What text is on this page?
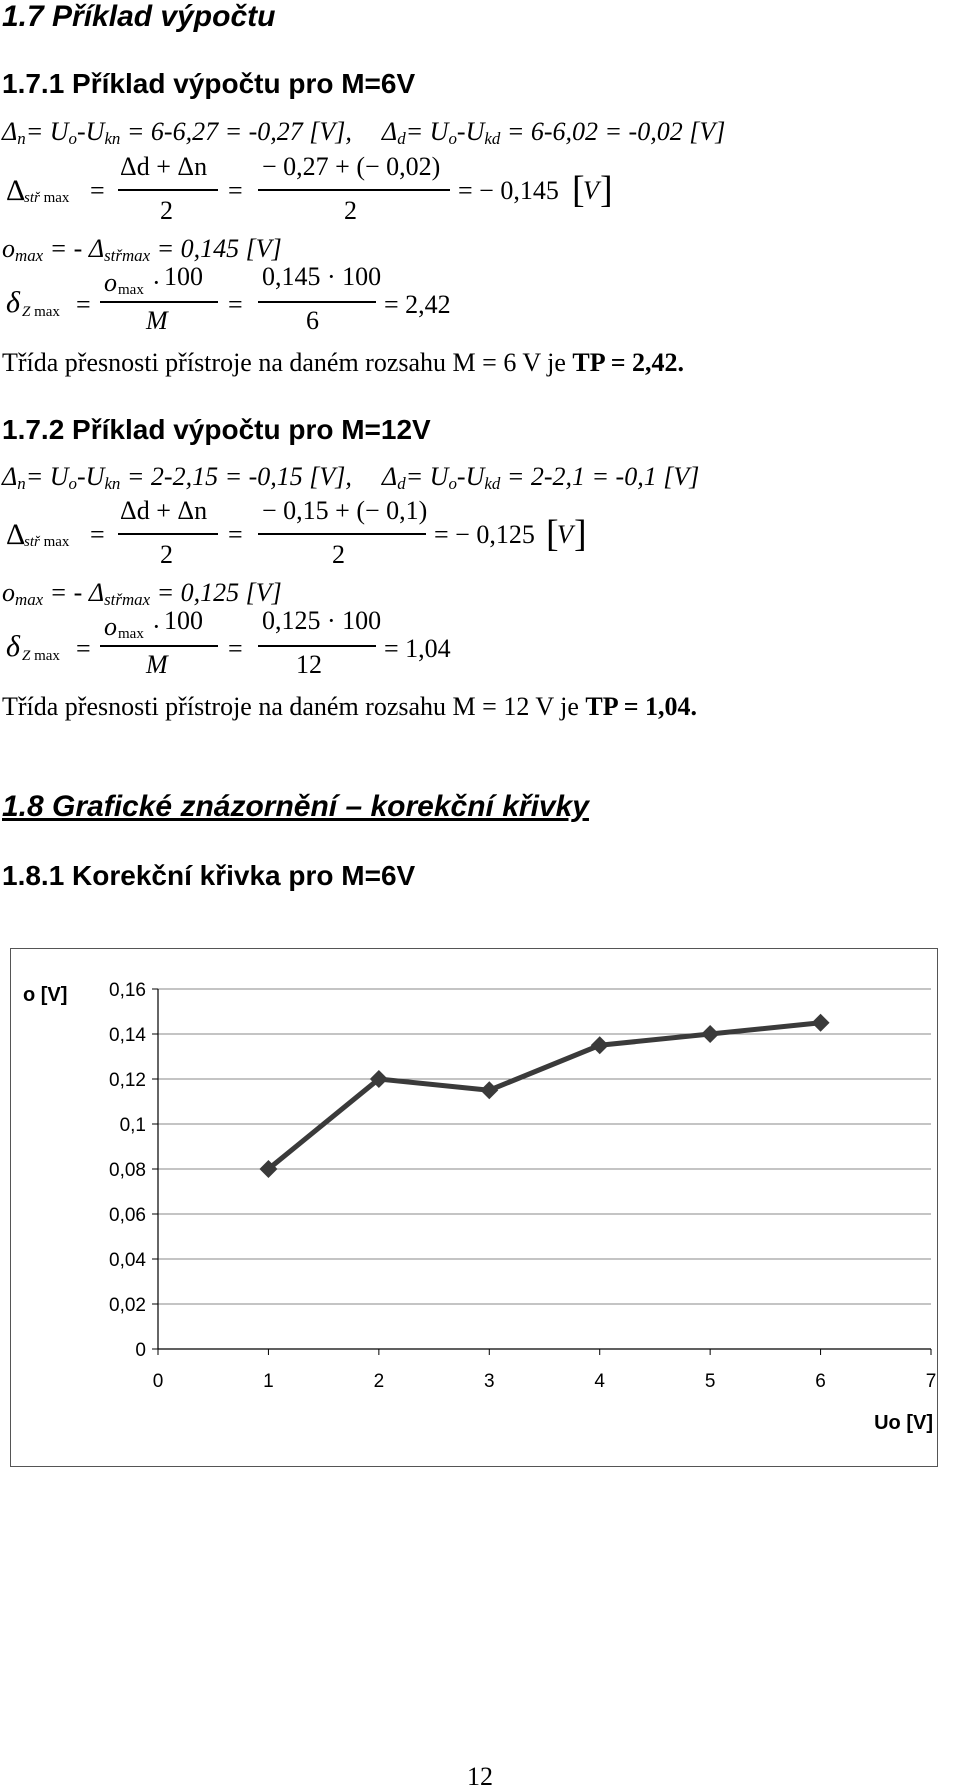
1.7 Příklad výpočtu
1.7.1 Příklad výpočtu pro M=6V
$\Delta_n= U_o-U_{kn} = 6-6,27 = -0,27$ [V], $\Delta_d= U_o-U_{kd} = 6-6,02 = -0,02$ [V]
Δ
stř max =
Δd + Δn
2
=
− 0,27 + (− 0,02)
2
= − 0,145 [
V ]
$o_{max}$ = - $\Delta_{střmax} = 0,145$ [V]
δ Z max =
o max · 100
M
=
0,145 · 100
6
= 2,42
Třída přesnosti přístroje na daném rozsahu M = 6 V je TP = 2,42.
1.7.2 Příklad výpočtu pro M=12V
$\Delta_n= U_o-U_{kn} = 2-2,15 = -0,15$ [V], $\Delta_d= U_o-U_{kd} = 2-2,1 = -0,1$ [V]
Δ
stř max =
Δd + Δn
2
=
− 0,15 + (− 0,1)
2
= − 0,125 [
V ]
$o_{max}$ = - $\Delta_{střmax} = 0,125$ [V]
δ Z max =
o max · 100
M
=
0,125 · 100
12
= 1,04
Třída přesnosti přístroje na daném rozsahu M = 12 V je TP = 1,04.
1.8 Grafické znázornění – korekční křivky
1.8.1 Korekční křivka pro M=6V
0
0,02
0,04
0,06
0,08
0,1
0,12
0,14
0,16
0	1	2	3	4	5	6	7
o [V]
Uo [V]
12
